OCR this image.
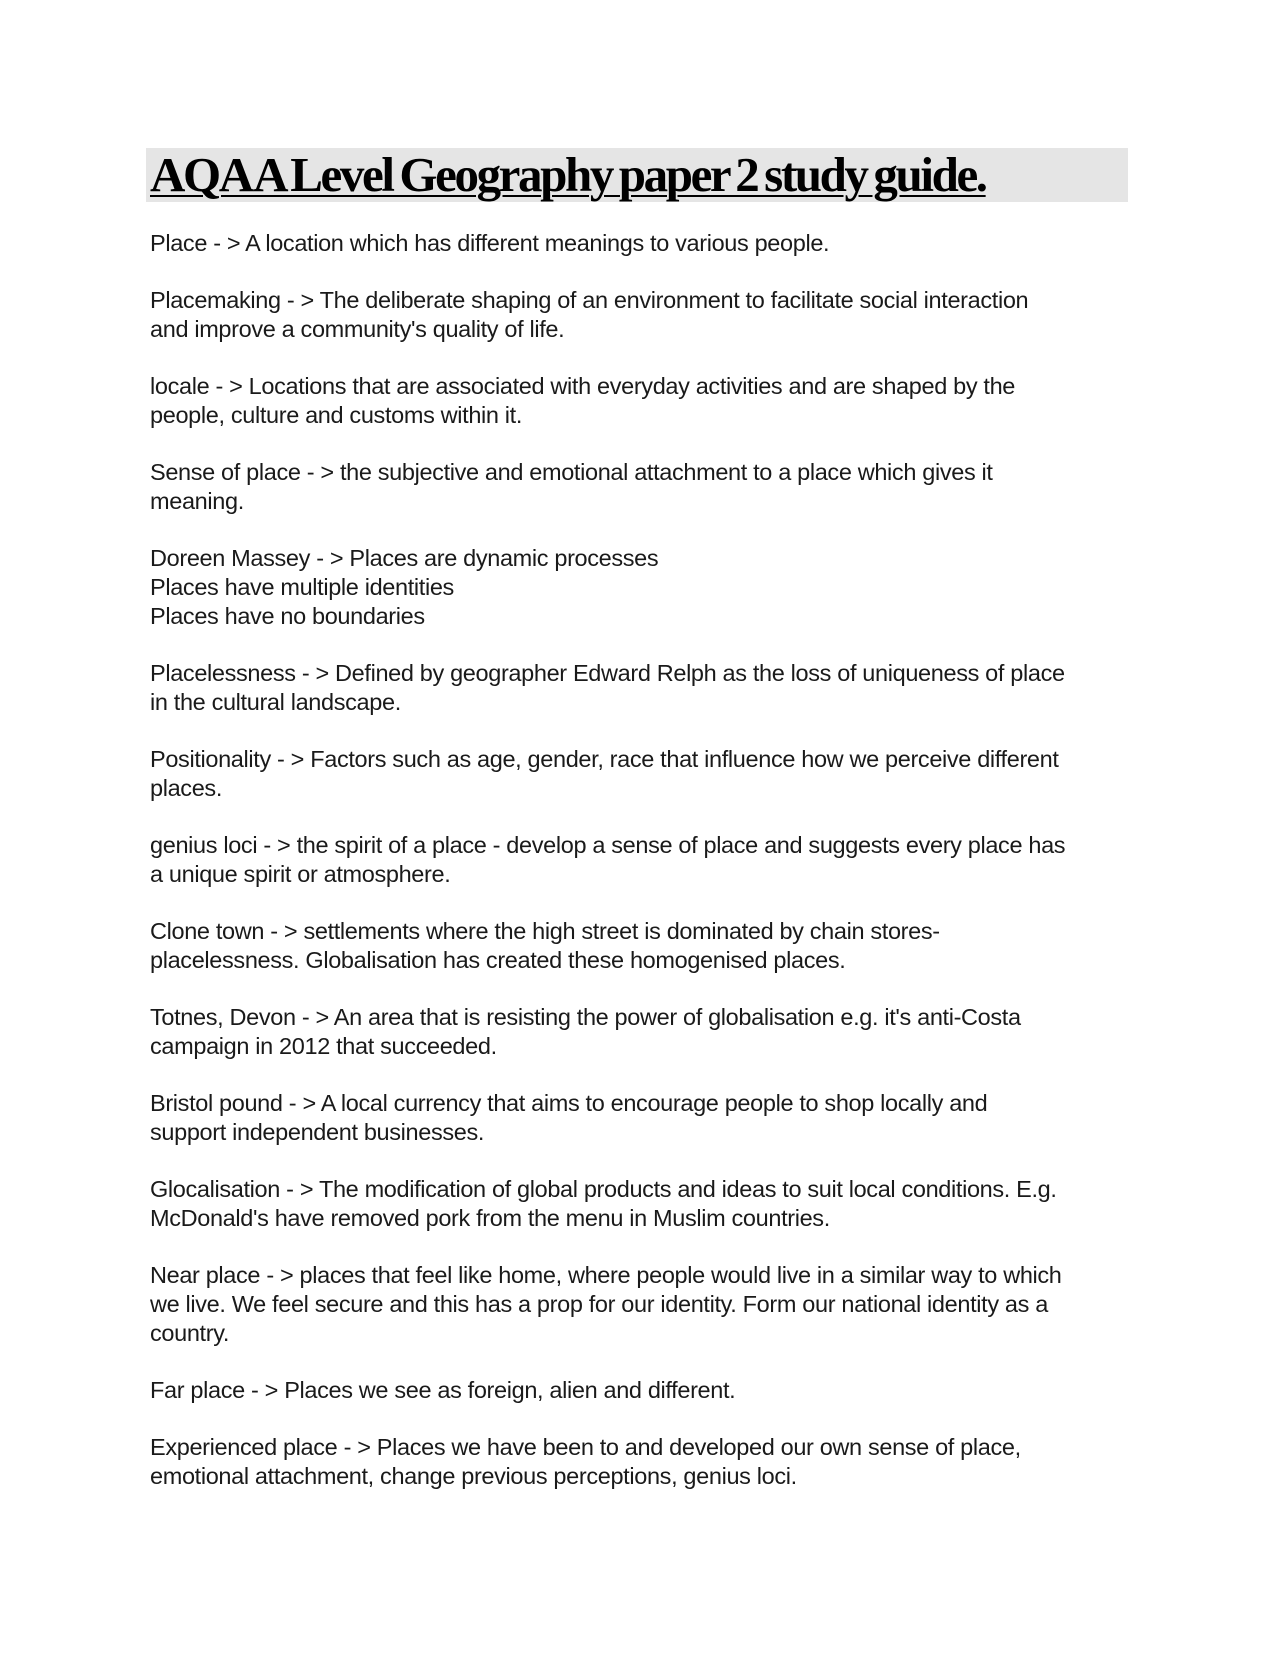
AQA A Level Geography paper 2 study guide.

Place - > A location which has different meanings to various people.

Placemaking - > The deliberate shaping of an environment to facilitate social interaction
and improve a community's quality of life.

locale - > Locations that are associated with everyday activities and are shaped by the
people, culture and customs within it.

Sense of place - > the subjective and emotional attachment to a place which gives it
meaning.

Doreen Massey - > Places are dynamic processes
Places have multiple identities
Places have no boundaries

Placelessness - > Defined by geographer Edward Relph as the loss of uniqueness of place
in the cultural landscape.

Positionality - > Factors such as age, gender, race that influence how we perceive different
places.

genius loci - > the spirit of a place - develop a sense of place and suggests every place has
a unique spirit or atmosphere.

Clone town - > settlements where the high street is dominated by chain stores-
placelessness. Globalisation has created these homogenised places.

Totnes, Devon - > An area that is resisting the power of globalisation e.g. it's anti-Costa
campaign in 2012 that succeeded.

Bristol pound - > A local currency that aims to encourage people to shop locally and
support independent businesses.

Glocalisation - > The modification of global products and ideas to suit local conditions. E.g.
McDonald's have removed pork from the menu in Muslim countries.

Near place - > places that feel like home, where people would live in a similar way to which
we live. We feel secure and this has a prop for our identity. Form our national identity as a
country.

Far place - > Places we see as foreign, alien and different.

Experienced place - > Places we have been to and developed our own sense of place,
emotional attachment, change previous perceptions, genius loci.
